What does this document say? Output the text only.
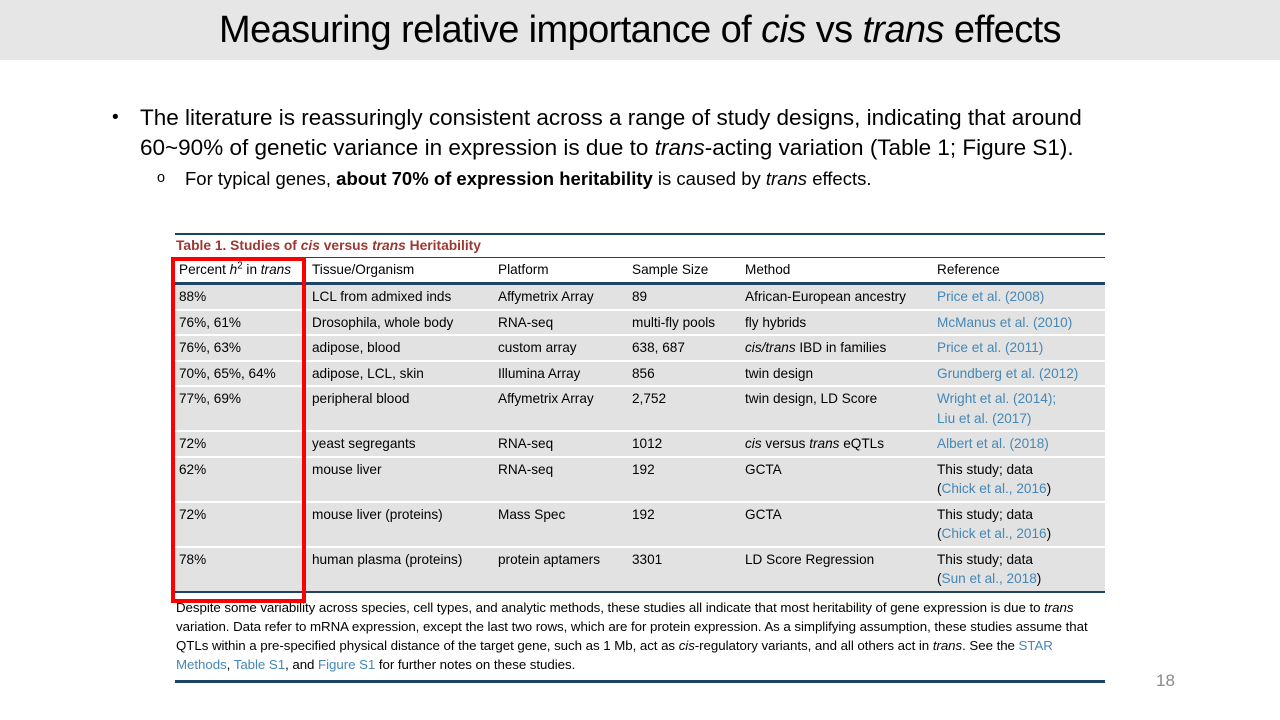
Measuring relative importance of cis vs trans effects
• The literature is reassuringly consistent across a range of study designs, indicating that around
60~90% of genetic variance in expression is due to trans-acting variation (Table 1; Figure S1).
o	For typical genes, about 70% of expression heritability is caused by trans effects.
Table 1. Studies of cis versus trans Heritability
Percent $h^2$ in trans	Tissue/Organism	Platform	Sample Size	Method	Reference
88%	LCL from admixed inds	Affymetrix Array	89	African-European ancestry	Price et al. (2008)
76%, 61%	Drosophila, whole body	RNA-seq	multi-fly pools	fly hybrids	McManus et al. (2010)
76%, 63%	adipose, blood	custom array	638, 687	cis/trans IBD in families	Price et al. (2011)
70%, 65%, 64%	adipose, LCL, skin	Illumina Array	856	twin design	Grundberg et al. (2012)
77%, 69%	peripheral blood	Affymetrix Array	2,752	twin design, LD Score	Wright et al. (2014);
Liu et al. (2017)
72%	yeast segregants	RNA-seq	1012	cis versus trans eQTLs	Albert et al. (2018)
62%	mouse liver	RNA-seq	192	GCTA	This study; data
(Chick et al., 2016)
72%	mouse liver (proteins)	Mass Spec	192	GCTA	This study; data
(Chick et al., 2016)
78%	human plasma (proteins)	protein aptamers	3301	LD Score Regression	This study; data
(Sun et al., 2018)
Despite some variability across species, cell types, and analytic methods, these studies all indicate that most heritability of gene expression is due to trans variation. Data refer to mRNA expression, except the last two rows, which are for protein expression. As a simplifying assumption, these studies assume that QTLs within a pre-specified physical distance of the target gene, such as 1 Mb, act as cis-regulatory variants, and all others act in trans. See the STAR Methods, Table S1, and Figure S1 for further notes on these studies.
18
